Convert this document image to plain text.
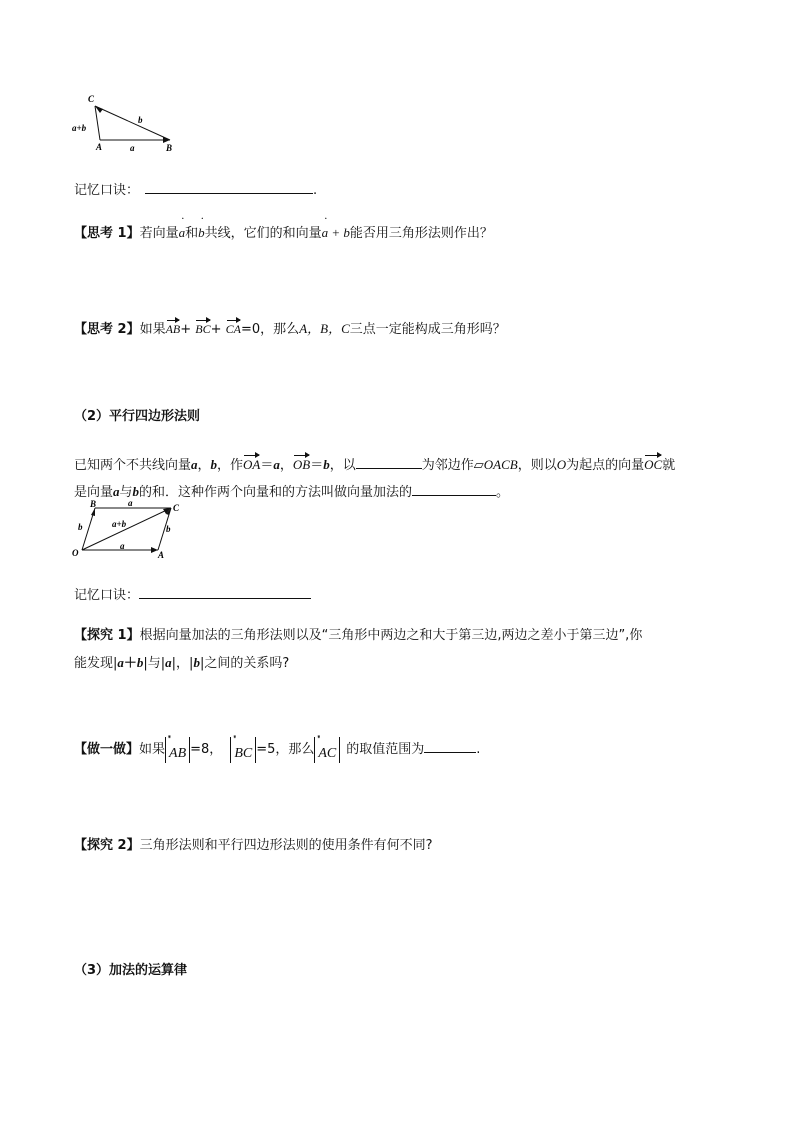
C
a+b
b
A	a	B
记忆口诀：	.
【思考 1】若向量˙ a和˙ b共线，它们的和向量˙ a + b能否用三角形法则作出？
【思考 2】如果AB+ BC+ CA=0，那么A，B，C三点一定能构成三角形吗？
（2）平行四边形法则
已知两个不共线向量a，b，作OA＝a，OB＝b，以	为邻边作▱OACB，则以O为起点的向量OC就
是向量a与b的和．这种作两个向量和的方法叫做向量加法的	。
B	a	C
b	a+b	b
O
a
A
记忆口诀：
【探究 1】根据向量加法的三角形法则以及“三角形中两边之和大于第三边,两边之差小于第三边”,你
能发现|a＋b|与|a|，|b|之间的关系吗?
【做一做】如果
ꞌꞌꞌꞌ
AB =8，
ꞌꞌꞌꞌ
BC =5，那么
ꞌꞌꞌꞌ
AC 的取值范围为	.
【探究 2】三角形法则和平行四边形法则的使用条件有何不同?
（3）加法的运算律
